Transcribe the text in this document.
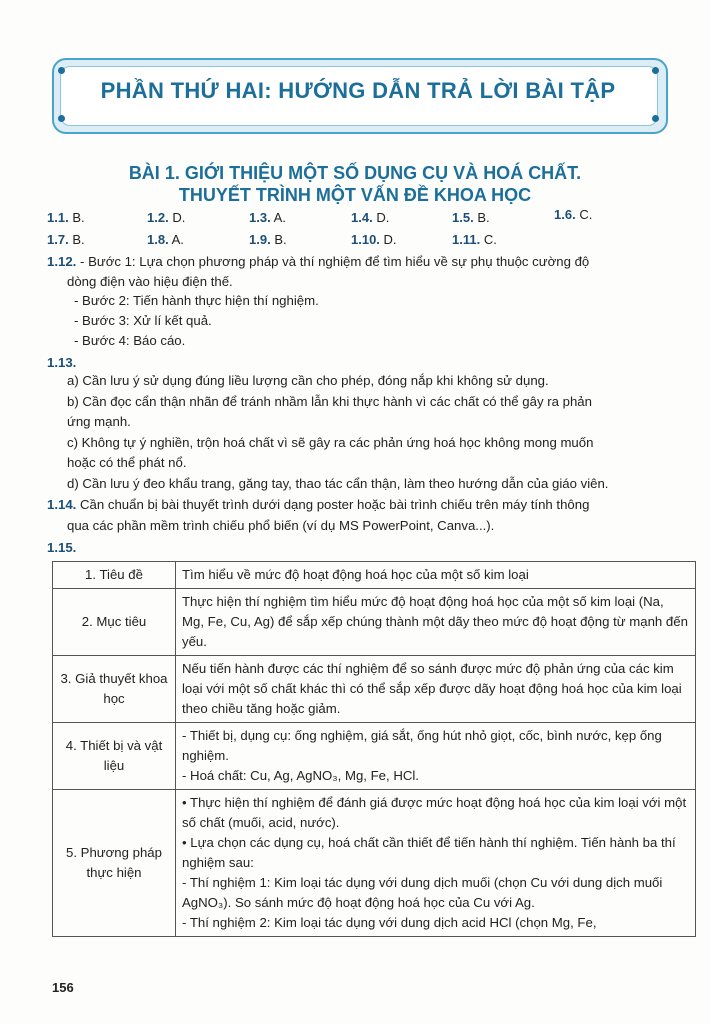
PHẦN THỨ HAI: HƯỚNG DẪN TRẢ LỜI BÀI TẬP
BÀI 1. GIỚI THIỆU MỘT SỐ DỤNG CỤ VÀ HOÁ CHẤT.
THUYẾT TRÌNH MỘT VẤN ĐỀ KHOA HỌC
1.1. B.	1.2. D.	1.3. A.	1.4. D.	1.5. B.	1.6. C.
1.7. B.	1.8. A.	1.9. B.	1.10. D.	1.11. C.
1.12. - Bước 1: Lựa chọn phương pháp và thí nghiệm để tìm hiểu về sự phụ thuộc cường độ
dòng điện vào hiệu điện thế.
- Bước 2: Tiến hành thực hiện thí nghiệm.
- Bước 3: Xử lí kết quả.
- Bước 4: Báo cáo.
1.13.
a) Cần lưu ý sử dụng đúng liều lượng cần cho phép, đóng nắp khi không sử dụng.
b) Cần đọc cẩn thận nhãn để tránh nhầm lẫn khi thực hành vì các chất có thể gây ra phản
ứng mạnh.
c) Không tự ý nghiền, trộn hoá chất vì sẽ gây ra các phản ứng hoá học không mong muốn
hoặc có thể phát nổ.
d) Cần lưu ý đeo khẩu trang, găng tay, thao tác cẩn thận, làm theo hướng dẫn của giáo viên.
1.14. Cần chuẩn bị bài thuyết trình dưới dạng poster hoặc bài trình chiếu trên máy tính thông
qua các phần mềm trình chiếu phổ biến (ví dụ MS PowerPoint, Canva...).
1.15.
1. Tiêu đề	Tìm hiểu về mức độ hoạt động hoá học của một số kim loại
2. Mục tiêu	Thực hiện thí nghiệm tìm hiểu mức độ hoạt động hoá học của một số kim loại (Na, Mg, Fe, Cu, Ag) để sắp xếp chúng thành một dãy theo mức độ hoạt động từ mạnh đến yếu.
3. Giả thuyết khoa học	Nếu tiến hành được các thí nghiệm để so sánh được mức độ phản ứng của các kim loại với một số chất khác thì có thể sắp xếp được dãy hoạt động hoá học của kim loại theo chiều tăng hoặc giảm.
4. Thiết bị và vật liệu	- Thiết bị, dụng cụ: ống nghiệm, giá sắt, ống hút nhỏ giọt, cốc, bình nước, kẹp ống nghiệm.
- Hoá chất: Cu, Ag, AgNO₃, Mg, Fe, HCl.

5. Phương pháp thực hiện	• Thực hiện thí nghiệm để đánh giá được mức hoạt động hoá học của kim loại với một số chất (muối, acid, nước).
• Lựa chọn các dụng cụ, hoá chất cần thiết để tiến hành thí nghiệm. Tiến hành ba thí nghiệm sau:
- Thí nghiệm 1: Kim loại tác dụng với dung dịch muối (chọn Cu với dung dịch muối AgNO₃). So sánh mức độ hoạt động hoá học của Cu với Ag.
- Thí nghiệm 2: Kim loại tác dụng với dung dịch acid HCl (chọn Mg, Fe,
156
